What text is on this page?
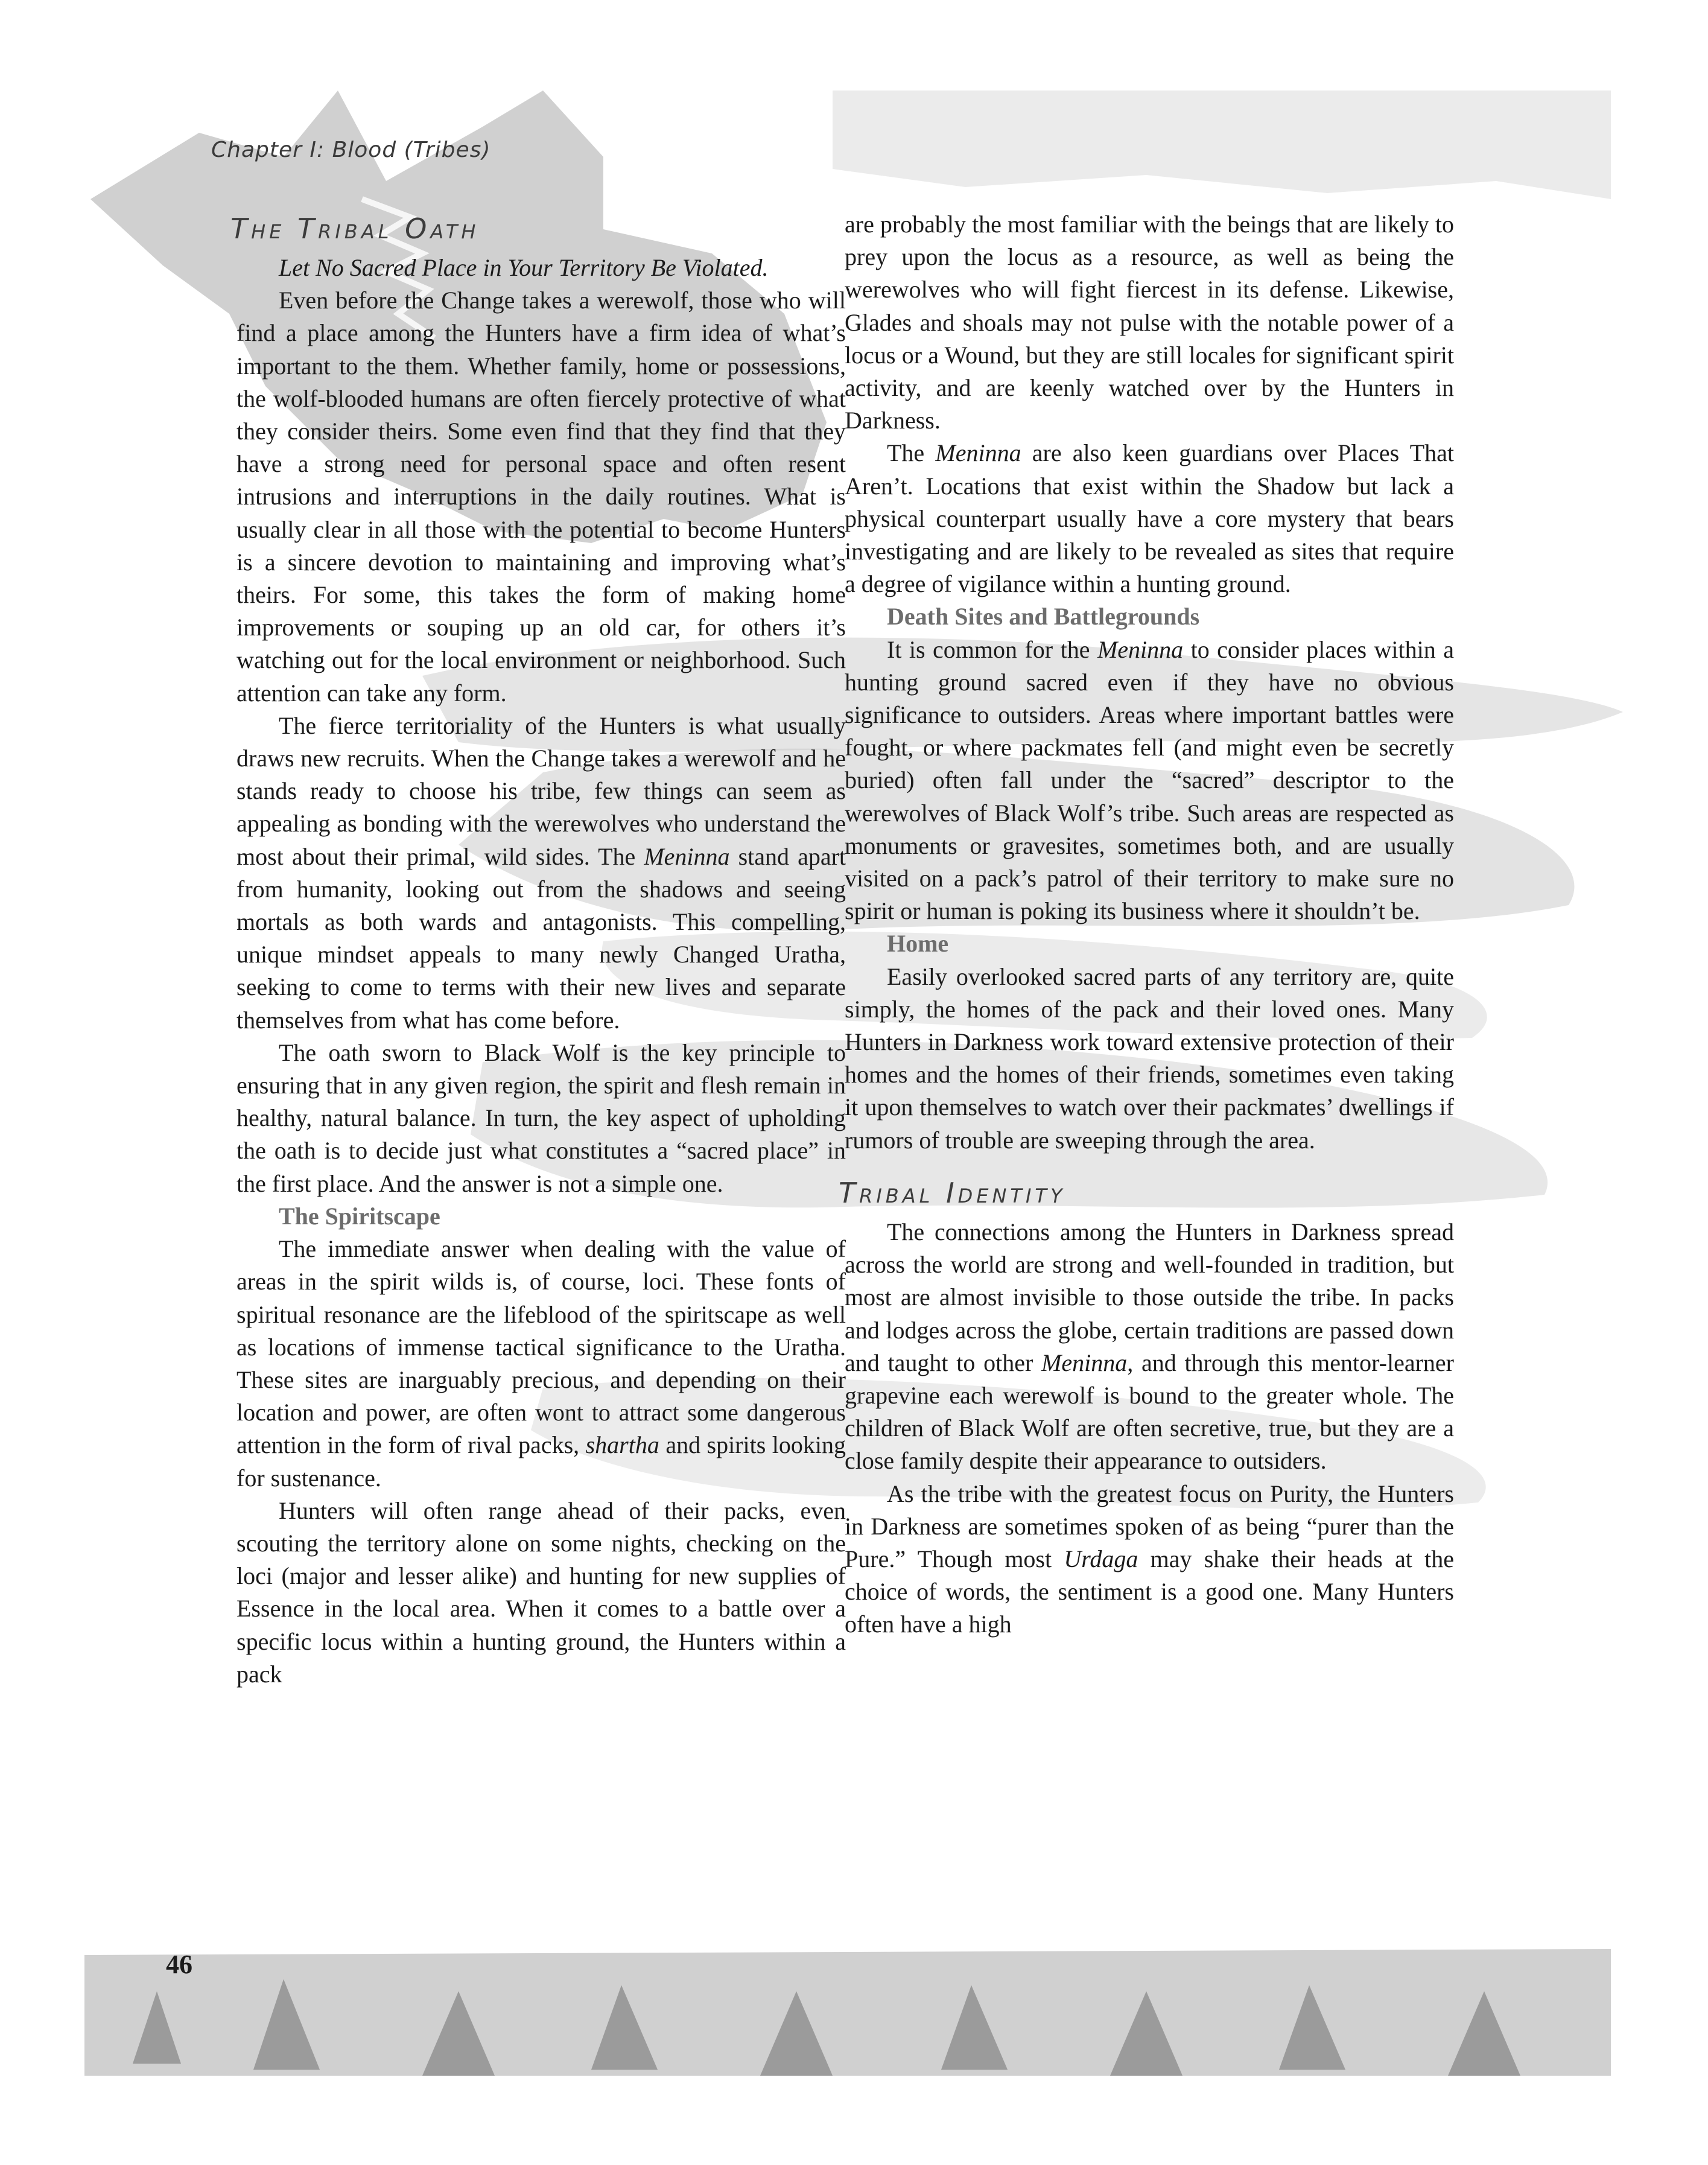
Chapter I: Blood (Tribes)
The Tribal Oath

Let No Sacred Place in Your Territory Be Violated.

Even before the Change takes a werewolf, those who will find a place among the Hunters have a firm idea of what’s important to the them. Whether family, home or possessions, the wolf-blooded humans are often fiercely protective of what they consider theirs. Some even find that they find that they have a strong need for personal space and often resent intrusions and interruptions in the daily routines. What is usually clear in all those with the potential to become Hunters is a sincere devotion to maintaining and improving what’s theirs. For some, this takes the form of making home improvements or souping up an old car, for others it’s watching out for the local environment or neighborhood. Such attention can take any form.

The fierce territoriality of the Hunters is what usually draws new recruits. When the Change takes a werewolf and he stands ready to choose his tribe, few things can seem as appealing as bonding with the werewolves who understand the most about their primal, wild sides. The Meninna stand apart from humanity, looking out from the shadows and seeing mortals as both wards and antagonists. This compelling, unique mindset appeals to many newly Changed Uratha, seeking to come to terms with their new lives and separate themselves from what has come before.

The oath sworn to Black Wolf is the key principle to ensuring that in any given region, the spirit and flesh remain in healthy, natural balance. In turn, the key aspect of upholding the oath is to decide just what constitutes a “sacred place” in the first place. And the answer is not a simple one.

The Spiritscape

The immediate answer when dealing with the value of areas in the spirit wilds is, of course, loci. These fonts of spiritual resonance are the lifeblood of the spiritscape as well as locations of immense tactical significance to the Uratha. These sites are inarguably precious, and depending on their location and power, are often wont to attract some dangerous attention in the form of rival packs, shartha and spirits looking for sustenance.

Hunters will often range ahead of their packs, even scouting the territory alone on some nights, checking on the loci (major and lesser alike) and hunting for new supplies of Essence in the local area. When it comes to a battle over a specific locus within a hunting ground, the Hunters within a pack

are probably the most familiar with the beings that are likely to prey upon the locus as a resource, as well as being the werewolves who will fight fiercest in its defense. Likewise, Glades and shoals may not pulse with the notable power of a locus or a Wound, but they are still locales for significant spirit activity, and are keenly watched over by the Hunters in Darkness.

The Meninna are also keen guardians over Places That Aren’t. Locations that exist within the Shadow but lack a physical counterpart usually have a core mystery that bears investigating and are likely to be revealed as sites that require a degree of vigilance within a hunting ground.

Death Sites and Battlegrounds

It is common for the Meninna to consider places within a hunting ground sacred even if they have no obvious significance to outsiders. Areas where important battles were fought, or where packmates fell (and might even be secretly buried) often fall under the “sacred” descriptor to the werewolves of Black Wolf’s tribe. Such areas are respected as monuments or gravesites, sometimes both, and are usually visited on a pack’s patrol of their territory to make sure no spirit or human is poking its business where it shouldn’t be.

Home

Easily overlooked sacred parts of any territory are, quite simply, the homes of the pack and their loved ones. Many Hunters in Darkness work toward extensive protection of their homes and the homes of their friends, sometimes even taking it upon themselves to watch over their packmates’ dwellings if rumors of trouble are sweeping through the area.

Tribal Identity

The connections among the Hunters in Darkness spread across the world are strong and well-founded in tradition, but most are almost invisible to those outside the tribe. In packs and lodges across the globe, certain traditions are passed down and taught to other Meninna, and through this mentor-learner grapevine each werewolf is bound to the greater whole. The children of Black Wolf are often secretive, true, but they are a close family despite their appearance to outsiders.

As the tribe with the greatest focus on Purity, the Hunters in Darkness are sometimes spoken of as being “purer than the Pure.” Though most Urdaga may shake their heads at the choice of words, the sentiment is a good one. Many Hunters often have a high

46
